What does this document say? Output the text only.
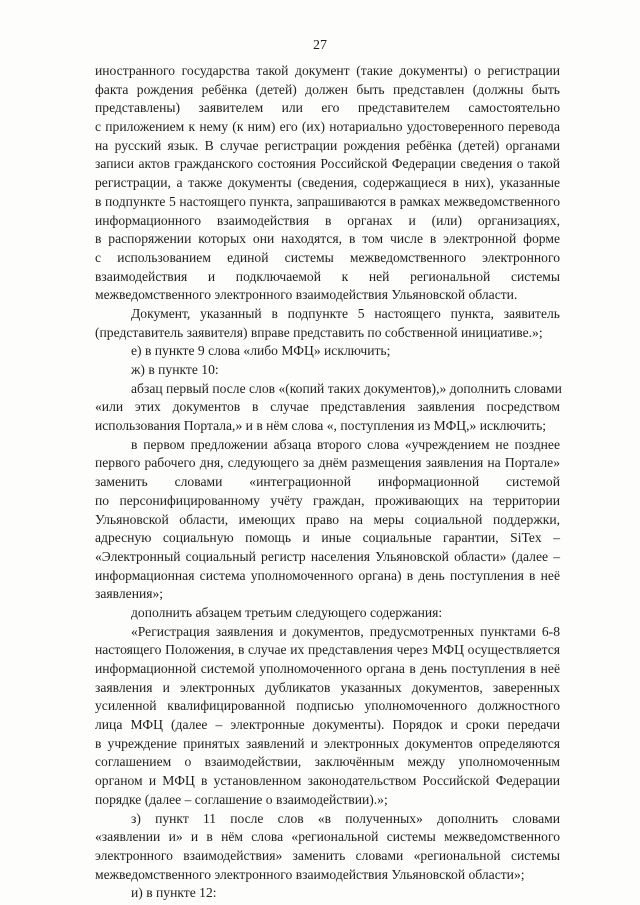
27
иностранного государства такой документ (такие документы) о регистрации
факта рождения ребёнка (детей) должен быть представлен (должны быть
представлены) заявителем или его представителем самостоятельно
с приложением к нему (к ним) его (их) нотариально удостоверенного перевода
на русский язык. В случае регистрации рождения ребёнка (детей) органами
записи актов гражданского состояния Российской Федерации сведения о такой
регистрации, а также документы (сведения, содержащиеся в них), указанные
в подпункте 5 настоящего пункта, запрашиваются в рамках межведомственного
информационного взаимодействия в органах и (или) организациях,
в распоряжении которых они находятся, в том числе в электронной форме
с использованием единой системы межведомственного электронного
взаимодействия и подключаемой к ней региональной системы
межведомственного электронного взаимодействия Ульяновской области.
Документ, указанный в подпункте 5 настоящего пункта, заявитель
(представитель заявителя) вправе представить по собственной инициативе.»;
е) в пункте 9 слова «либо МФЦ» исключить;
ж) в пункте 10:
абзац первый после слов «(копий таких документов),» дополнить словами
«или этих документов в случае представления заявления посредством
использования Портала,» и в нём слова «, поступления из МФЦ,» исключить;
в первом предложении абзаца второго слова «учреждением не позднее
первого рабочего дня, следующего за днём размещения заявления на Портале»
заменить словами «интеграционной информационной системой
по персонифицированному учёту граждан, проживающих на территории
Ульяновской области, имеющих право на меры социальной поддержки,
адресную социальную помощь и иные социальные гарантии, SiTex –
«Электронный социальный регистр населения Ульяновской области» (далее –
информационная система уполномоченного органа) в день поступления в неё
заявления»;
дополнить абзацем третьим следующего содержания:
«Регистрация заявления и документов, предусмотренных пунктами 6-8
настоящего Положения, в случае их представления через МФЦ осуществляется
информационной системой уполномоченного органа в день поступления в неё
заявления и электронных дубликатов указанных документов, заверенных
усиленной квалифицированной подписью уполномоченного должностного
лица МФЦ (далее – электронные документы). Порядок и сроки передачи
в учреждение принятых заявлений и электронных документов определяются
соглашением о взаимодействии, заключённым между уполномоченным
органом и МФЦ в установленном законодательством Российской Федерации
порядке (далее – соглашение о взаимодействии).»;
з) пункт 11 после слов «в полученных» дополнить словами
«заявлении и» и в нём слова «региональной системы межведомственного
электронного взаимодействия» заменить словами «региональной системы
межведомственного электронного взаимодействия Ульяновской области»;
и) в пункте 12:
